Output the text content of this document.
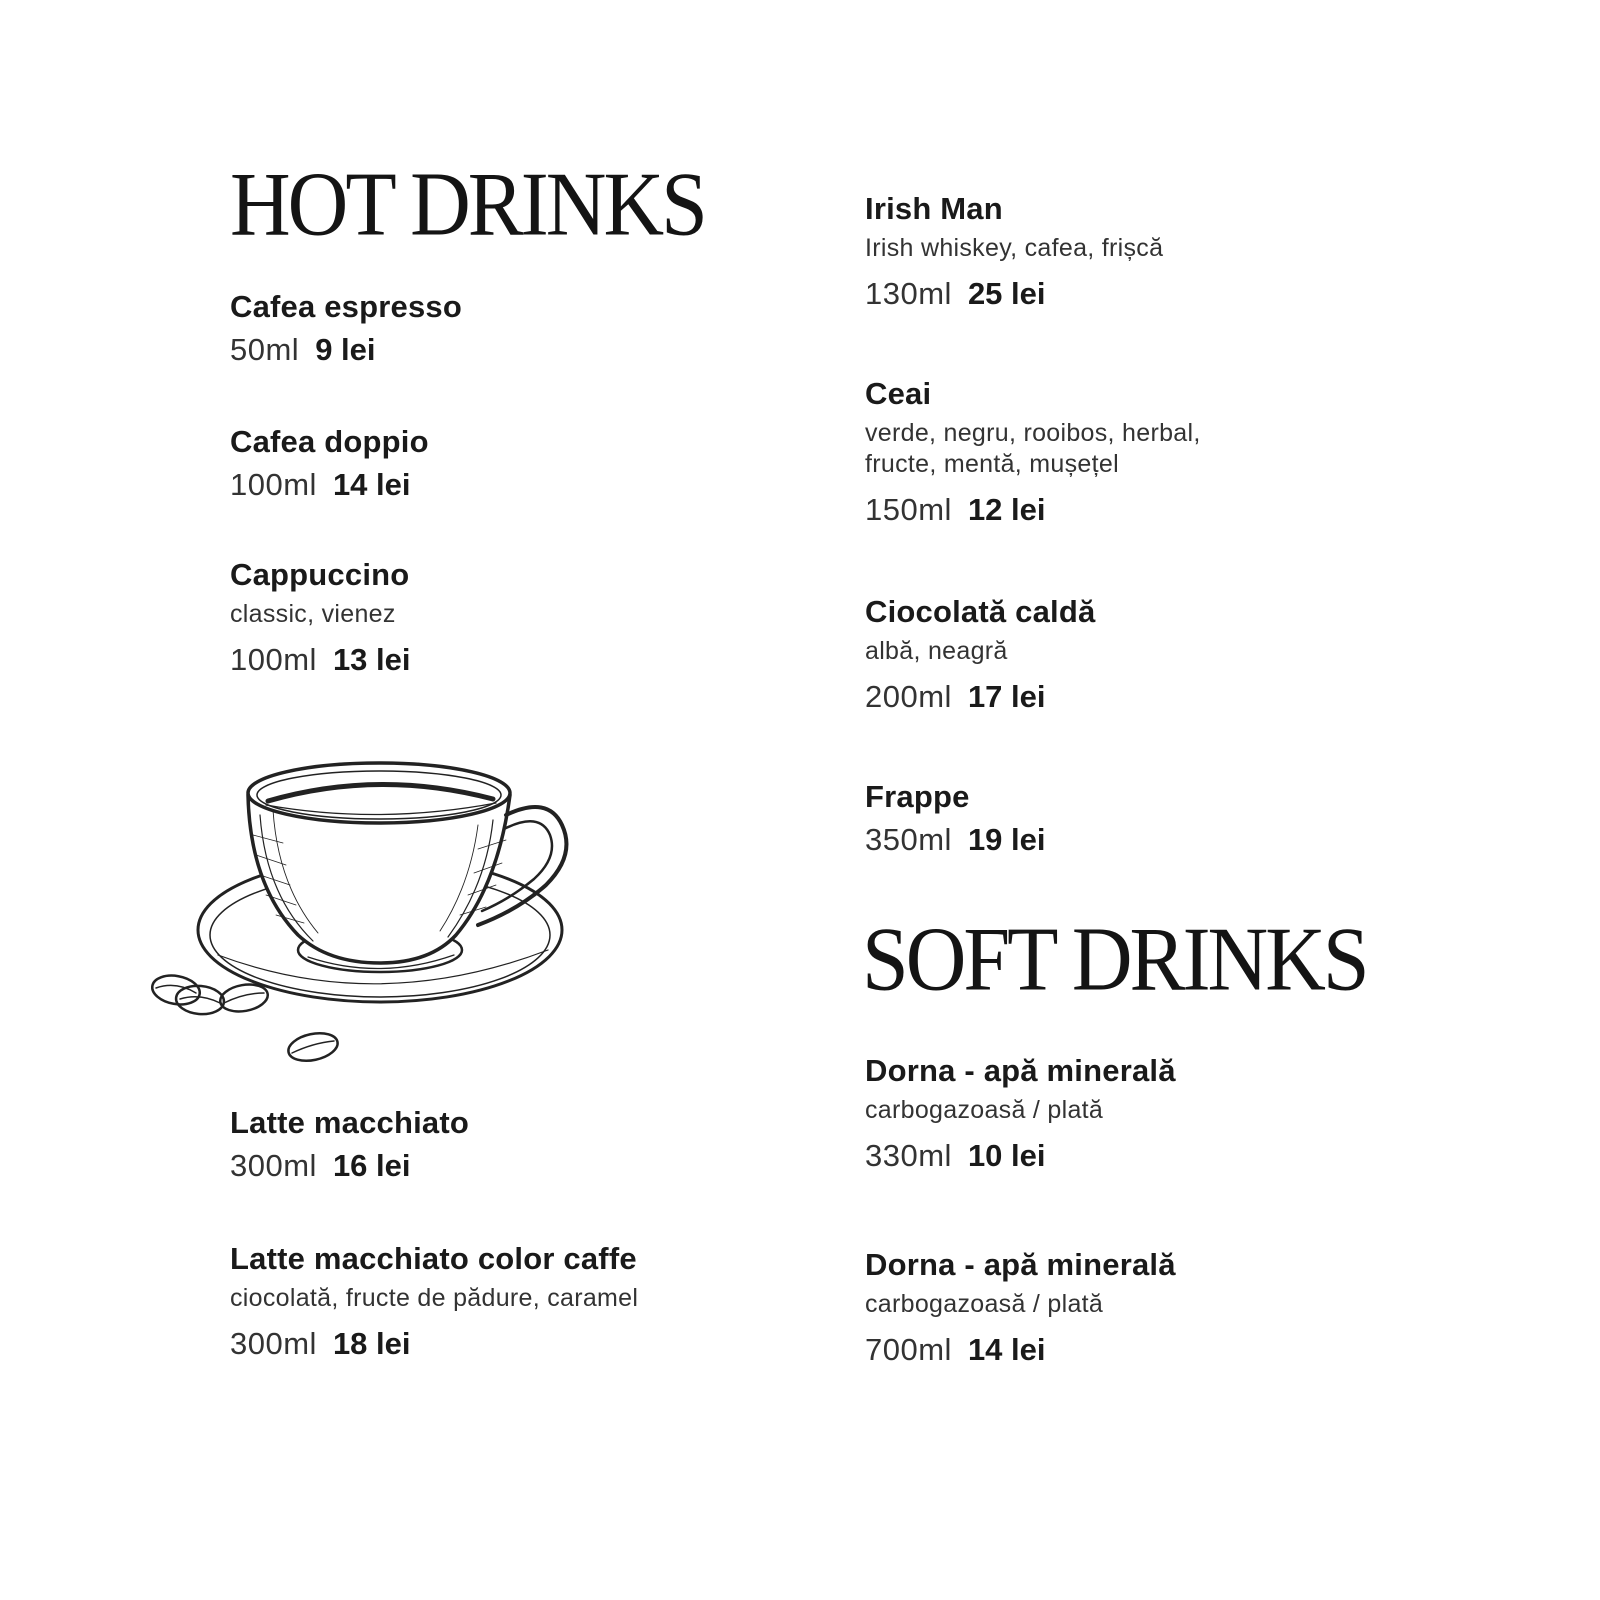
HOT DRINKS
Cafea espresso
50ml 9 lei
Cafea doppio
100ml 14 lei
Cappuccino
classic, vienez
100ml 13 lei
Latte macchiato
300ml 16 lei
Latte macchiato color caffe
ciocolată, fructe de pădure, caramel
300ml 18 lei
Irish Man
Irish whiskey, cafea, frișcă
130ml 25 lei
Ceai
verde, negru, rooibos, herbal,
fructe, mentă, mușețel
150ml 12 lei
Ciocolată caldă
albă, neagră
200ml 17 lei
Frappe
350ml 19 lei
SOFT DRINKS
Dorna - apă minerală
carbogazoasă / plată
330ml 10 lei
Dorna - apă minerală
carbogazoasă / plată
700ml 14 lei
